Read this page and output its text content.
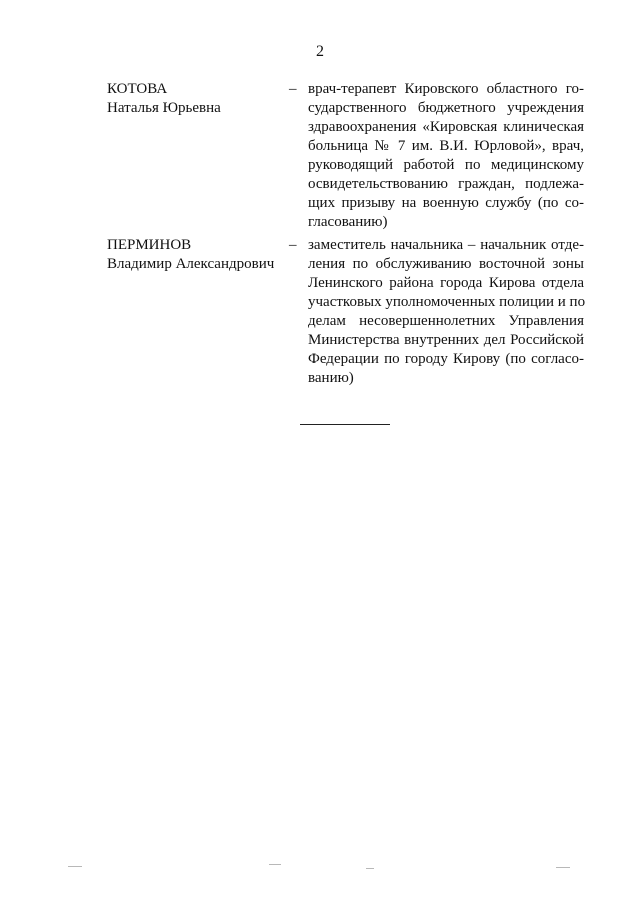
2
КОТОВА
Наталья Юрьевна
– врач-терапевт Кировского областного го-
сударственного бюджетного учреждения
здравоохранения «Кировская клиническая
больница № 7 им. В.И. Юрловой», врач,
руководящий работой по медицинскому
освидетельствованию граждан, подлежа-
щих призыву на военную службу (по со-
гласованию)
ПЕРМИНОВ
Владимир Александрович
– заместитель начальника – начальник отде-
ления по обслуживанию восточной зоны
Ленинского района города Кирова отдела
участковых уполномоченных полиции и по
делам несовершеннолетних Управления
Министерства внутренних дел Российской
Федерации по городу Кирову (по согласо-
ванию)
